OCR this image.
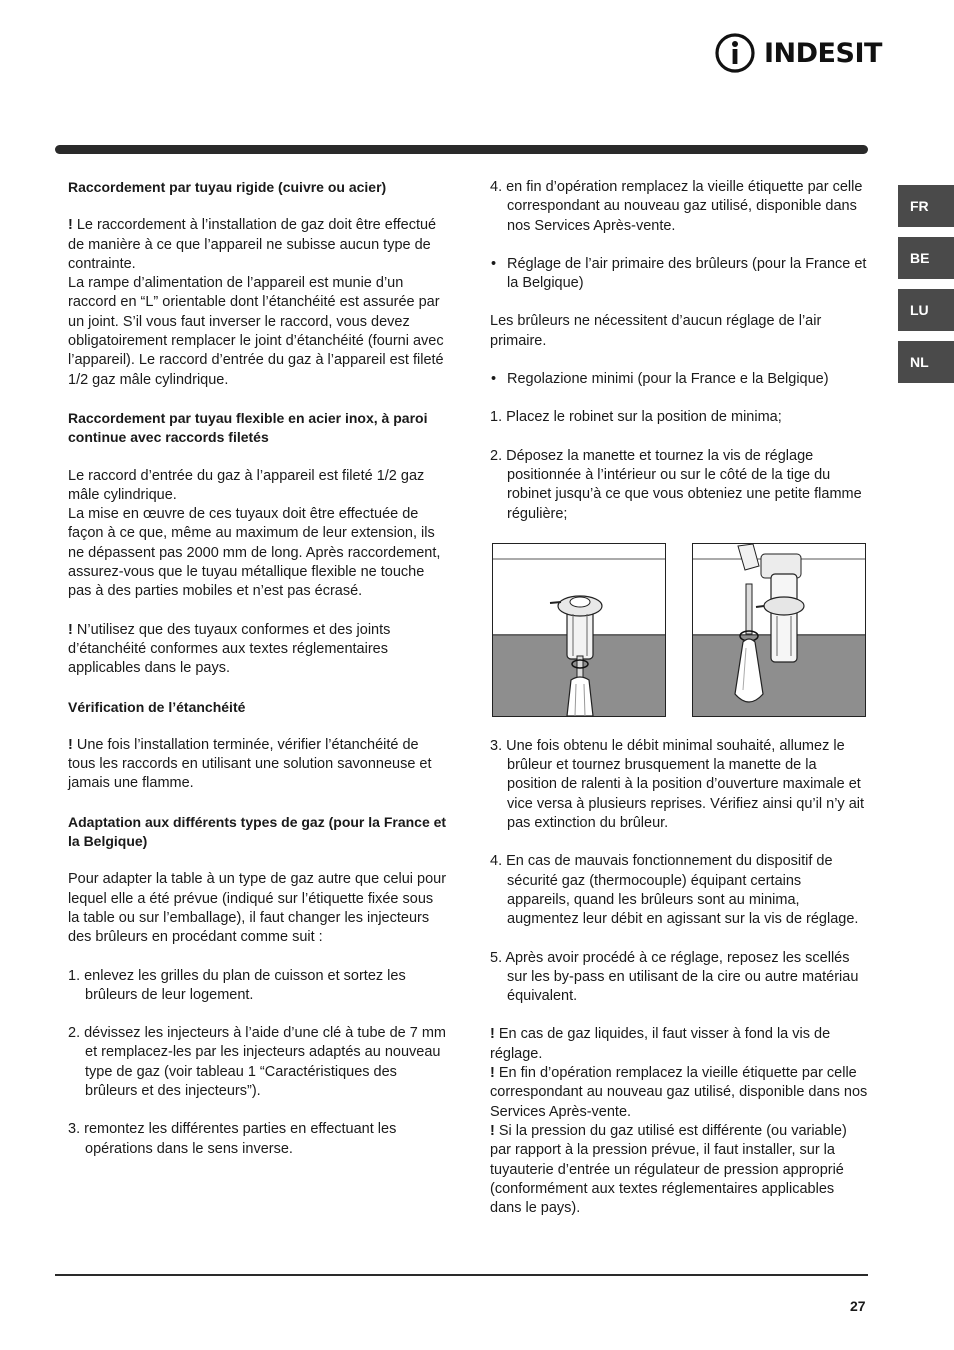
INDESIT
FR
BE
LU
NL
Raccordement par tuyau rigide (cuivre ou acier)

! Le raccordement à l’installation de gaz doit être effectué de manière à ce que l’appareil ne subisse aucun type de contrainte.

La rampe d’alimentation de l’appareil est munie d’un raccord en “L” orientable dont l’étanchéité est assurée par un joint. S’il vous faut inverser le raccord, vous devez obligatoirement remplacer le joint d’étanchéité (fourni avec l’appareil). Le raccord d’entrée du gaz à l’appareil est fileté 1/2 gaz mâle cylindrique.

Raccordement par tuyau flexible en acier inox, à paroi continue avec raccords filetés

Le raccord d’entrée du gaz à l’appareil est fileté 1/2 gaz mâle cylindrique.

La mise en œuvre de ces tuyaux doit être effectuée de façon à ce que, même au maximum de leur extension, ils ne dépassent pas 2000 mm de long. Après raccordement, assurez-vous que le tuyau métallique flexible ne touche pas à des parties mobiles et n’est pas écrasé.

! N’utilisez que des tuyaux conformes et des joints d’étanchéité conformes aux textes réglementaires applicables dans le pays.

Vérification de l’étanchéité

! Une fois l’installation terminée, vérifier l’étanchéité de tous les raccords en utilisant une solution savonneuse et jamais une flamme.

Adaptation aux différents types de gaz (pour la France et la Belgique)

Pour adapter la table à un type de gaz autre que celui pour lequel elle a été prévue (indiqué sur l’étiquette fixée sous la table ou sur l’emballage), il faut changer les injecteurs des brûleurs en procédant comme suit :

1. enlevez les grilles du plan de cuisson et sortez les brûleurs de leur logement.
2. dévissez les injecteurs à l’aide d’une clé à tube de 7 mm et remplacez-les par les injecteurs adaptés au nouveau type de gaz (voir tableau 1 “Caractéristiques des brûleurs et des injecteurs”).
3. remontez les différentes parties en effectuant les opérations dans le sens inverse.
4. en fin d’opération remplacez la vieille étiquette par celle correspondant au nouveau gaz utilisé, disponible dans nos Services Après-vente.
• Réglage de l’air primaire des brûleurs (pour la France et la Belgique)

Les brûleurs ne nécessitent d’aucun réglage de l’air primaire.

• Regolazione minimi (pour la France e la Belgique)
1. Placez le robinet sur la position de minima;
2. Déposez la manette et tournez la vis de réglage positionnée à l’intérieur ou sur le côté de la tige du robinet jusqu’à ce que vous obteniez une petite flamme régulière;
3. Une fois obtenu le débit minimal souhaité, allumez le brûleur et tournez brusquement la manette de la position de ralenti à la position d’ouverture maximale et vice versa à plusieurs reprises. Vérifiez ainsi qu’il n’y ait pas extinction du brûleur.
4. En cas de mauvais fonctionnement du dispositif de sécurité gaz (thermocouple) équipant certains appareils, quand les brûleurs sont au minima, augmentez leur débit en agissant sur la vis de réglage.
5. Après avoir procédé à ce réglage, reposez les scellés sur les by-pass en utilisant de la cire ou autre matériau équivalent.

! En cas de gaz liquides, il faut visser à fond la vis de réglage.

! En fin d’opération remplacez la vieille étiquette par celle correspondant au nouveau gaz utilisé, disponible dans nos Services Après-vente.

! Si la pression du gaz utilisé est différente (ou variable) par rapport à la pression prévue, il faut installer, sur la tuyauterie d’entrée un régulateur de pression approprié (conformément aux textes réglementaires applicables dans le pays).

27
